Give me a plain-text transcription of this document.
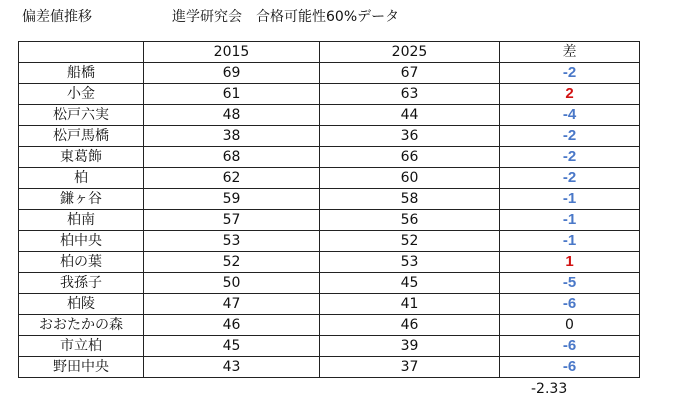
偏差値推移	進学研究会　合格可能性60%データ
	2015	2025	差
船橋	69	67	-2
小金	61	63	2
松戸六実	48	44	-4
松戸馬橋	38	36	-2
東葛飾	68	66	-2
柏	62	60	-2
鎌ヶ谷	59	58	-1
柏南	57	56	-1
柏中央	53	52	-1
柏の葉	52	53	1
我孫子	50	45	-5
柏陵	47	41	-6
おおたかの森	46	46	0
市立柏	45	39	-6
野田中央	43	37	-6
-2.33
